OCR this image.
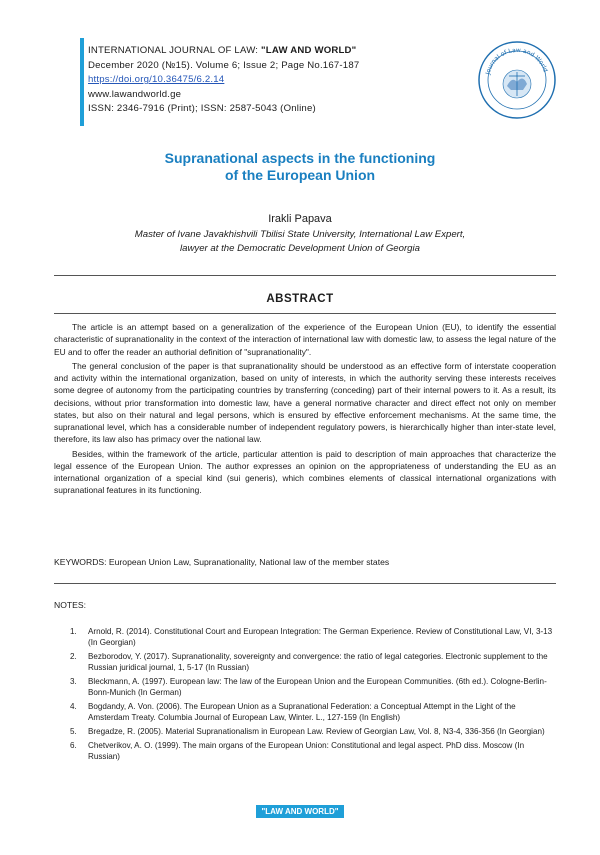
INTERNATIONAL JOURNAL OF LAW: "LAW AND WORLD"
December 2020 (№15). Volume 6; Issue 2; Page No.167-187
https://doi.org/10.36475/6.2.14
www.lawandworld.ge
ISSN: 2346-7916 (Print); ISSN: 2587-5043 (Online)
Journal of Law and World
Supranational aspects in the functioning
of the European Union
Irakli Papava
Master of Ivane Javakhishvili Tbilisi State University, International Law Expert,
lawyer at the Democratic Development Union of Georgia
ABSTRACT

The article is an attempt based on a generalization of the experience of the European Union (EU), to identify the essential characteristic of supranationality in the context of the interaction of international law with domestic law, to assess the legal nature of the EU and to offer the reader an authorial definition of "supranationality".

The general conclusion of the paper is that supranationality should be understood as an effective form of interstate cooperation and activity within the international organization, based on unity of interests, in which the authority serving these interests receives some degree of autonomy from the participating countries by transferring (conceding) part of their internal powers to it. As a result, its decisions, without prior transformation into domestic law, have a general normative character and direct effect not only on member states, but also on their natural and legal persons, which is ensured by effective enforcement mechanisms. At the same time, the supranational level, which has a considerable number of independent regulatory powers, is hierarchically higher than inter-state level, therefore, its law also has primacy over the national law.

Besides, within the framework of the article, particular attention is paid to description of main approaches that characterize the legal essence of the European Union. The author expresses an opinion on the appropriateness of understanding the EU as an international organization of a special kind (sui generis), which combines elements of classical international organizations with supranational features in its functioning.

KEYWORDS: European Union Law, Supranationality, National law of the member states
NOTES:
1.	Arnold, R. (2014). Constitutional Court and European Integration: The German Experience. Review of Constitutional Law, VI, 3-13 (In Georgian)
2.	Bezborodov, Y. (2017). Supranationality, sovereignty and convergence: the ratio of legal categories. Electronic supplement to the Russian juridical journal, 1, 5-17 (In Russian)
3.	Bleckmann, A. (1997). European law: The law of the European Union and the European Communities. (6th ed.). Cologne-Berlin-Bonn-Munich (In German)
4.	Bogdandy, A. Von. (2006). The European Union as a Supranational Federation: a Conceptual Attempt in the Light of the Amsterdam Treaty. Columbia Journal of European Law, Winter. L., 127-159 (In English)
5.	Bregadze, R. (2005). Material Supranationalism in European Law. Review of Georgian Law, Vol. 8, N3-4, 336-356 (In Georgian)
6.	Chetverikov, A. O. (1999). The main organs of the European Union: Constitutional and legal aspect. PhD diss. Moscow (In Russian)
"LAW AND WORLD"
